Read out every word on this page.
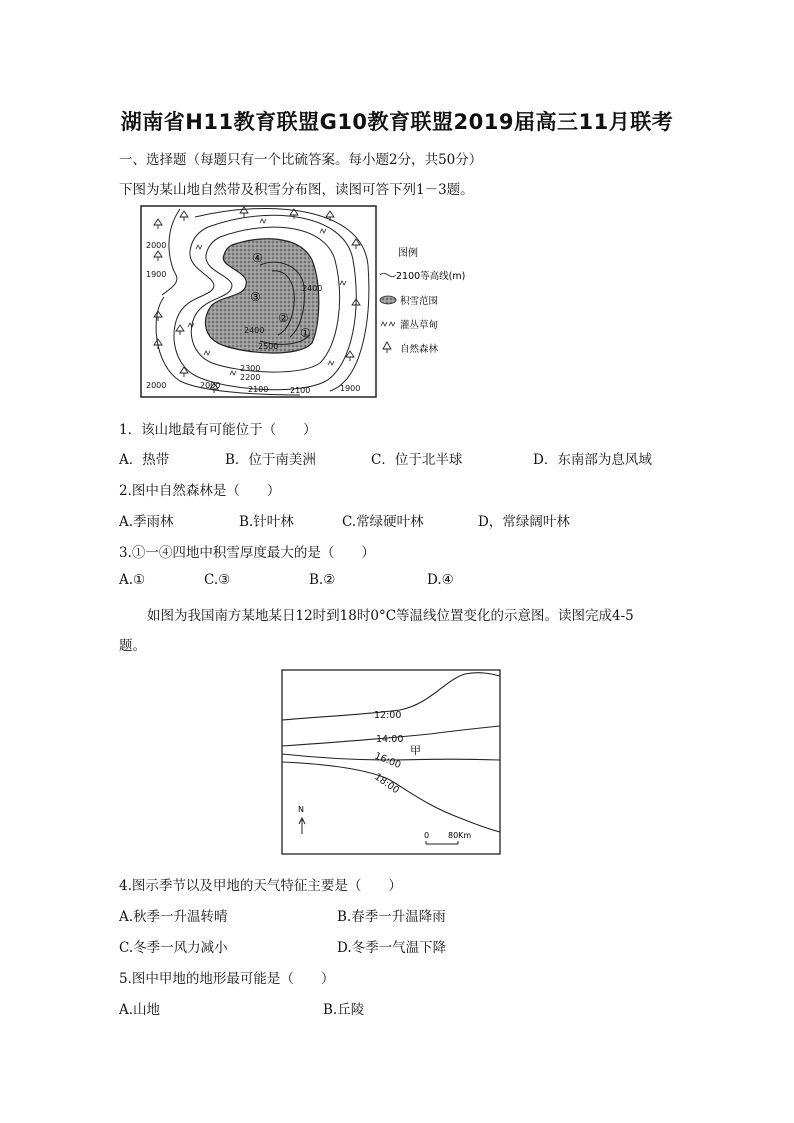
湖南省H11教育联盟G10教育联盟2019届高三11月联考
一、选择题（每题只有一个比硫答案。每小题2分，共50分）
下图为某山地自然带及积雪分布图，读图可答下列1－3题。
2000
1900
2000
2200
2300
2100
2400
2500
2400
2000
2100	1900
④
③
②
①
图例
2100等高线(m)
积雪范围
灌丛草甸
自然森林
1．该山地最有可能位于（　　）
A．热带	B．位于南美洲	C．位于北半球	D．东南部为息风域
2.图中自然森林是（　　）
A.季雨林	B.针叶林	C.常绿硬叶林	D，常绿阔叶林
3.①一④四地中积雪厚度最大的是（　　）
A.①	C.③	B.②	D.④
如图为我国南方某地某日12时到18时0°C等温线位置变化的示意图。读图完成4-5
题。
12:00
14:00
16:00
18:00
甲
N
0 80Km
4.图示季节以及甲地的天气特征主要是（　　）
A.秋季一升温转晴	B.春季一升温降雨
C.冬季一风力减小	D.冬季一气温下降
5.图中甲地的地形最可能是（　　）
A.山地	B.丘陵
